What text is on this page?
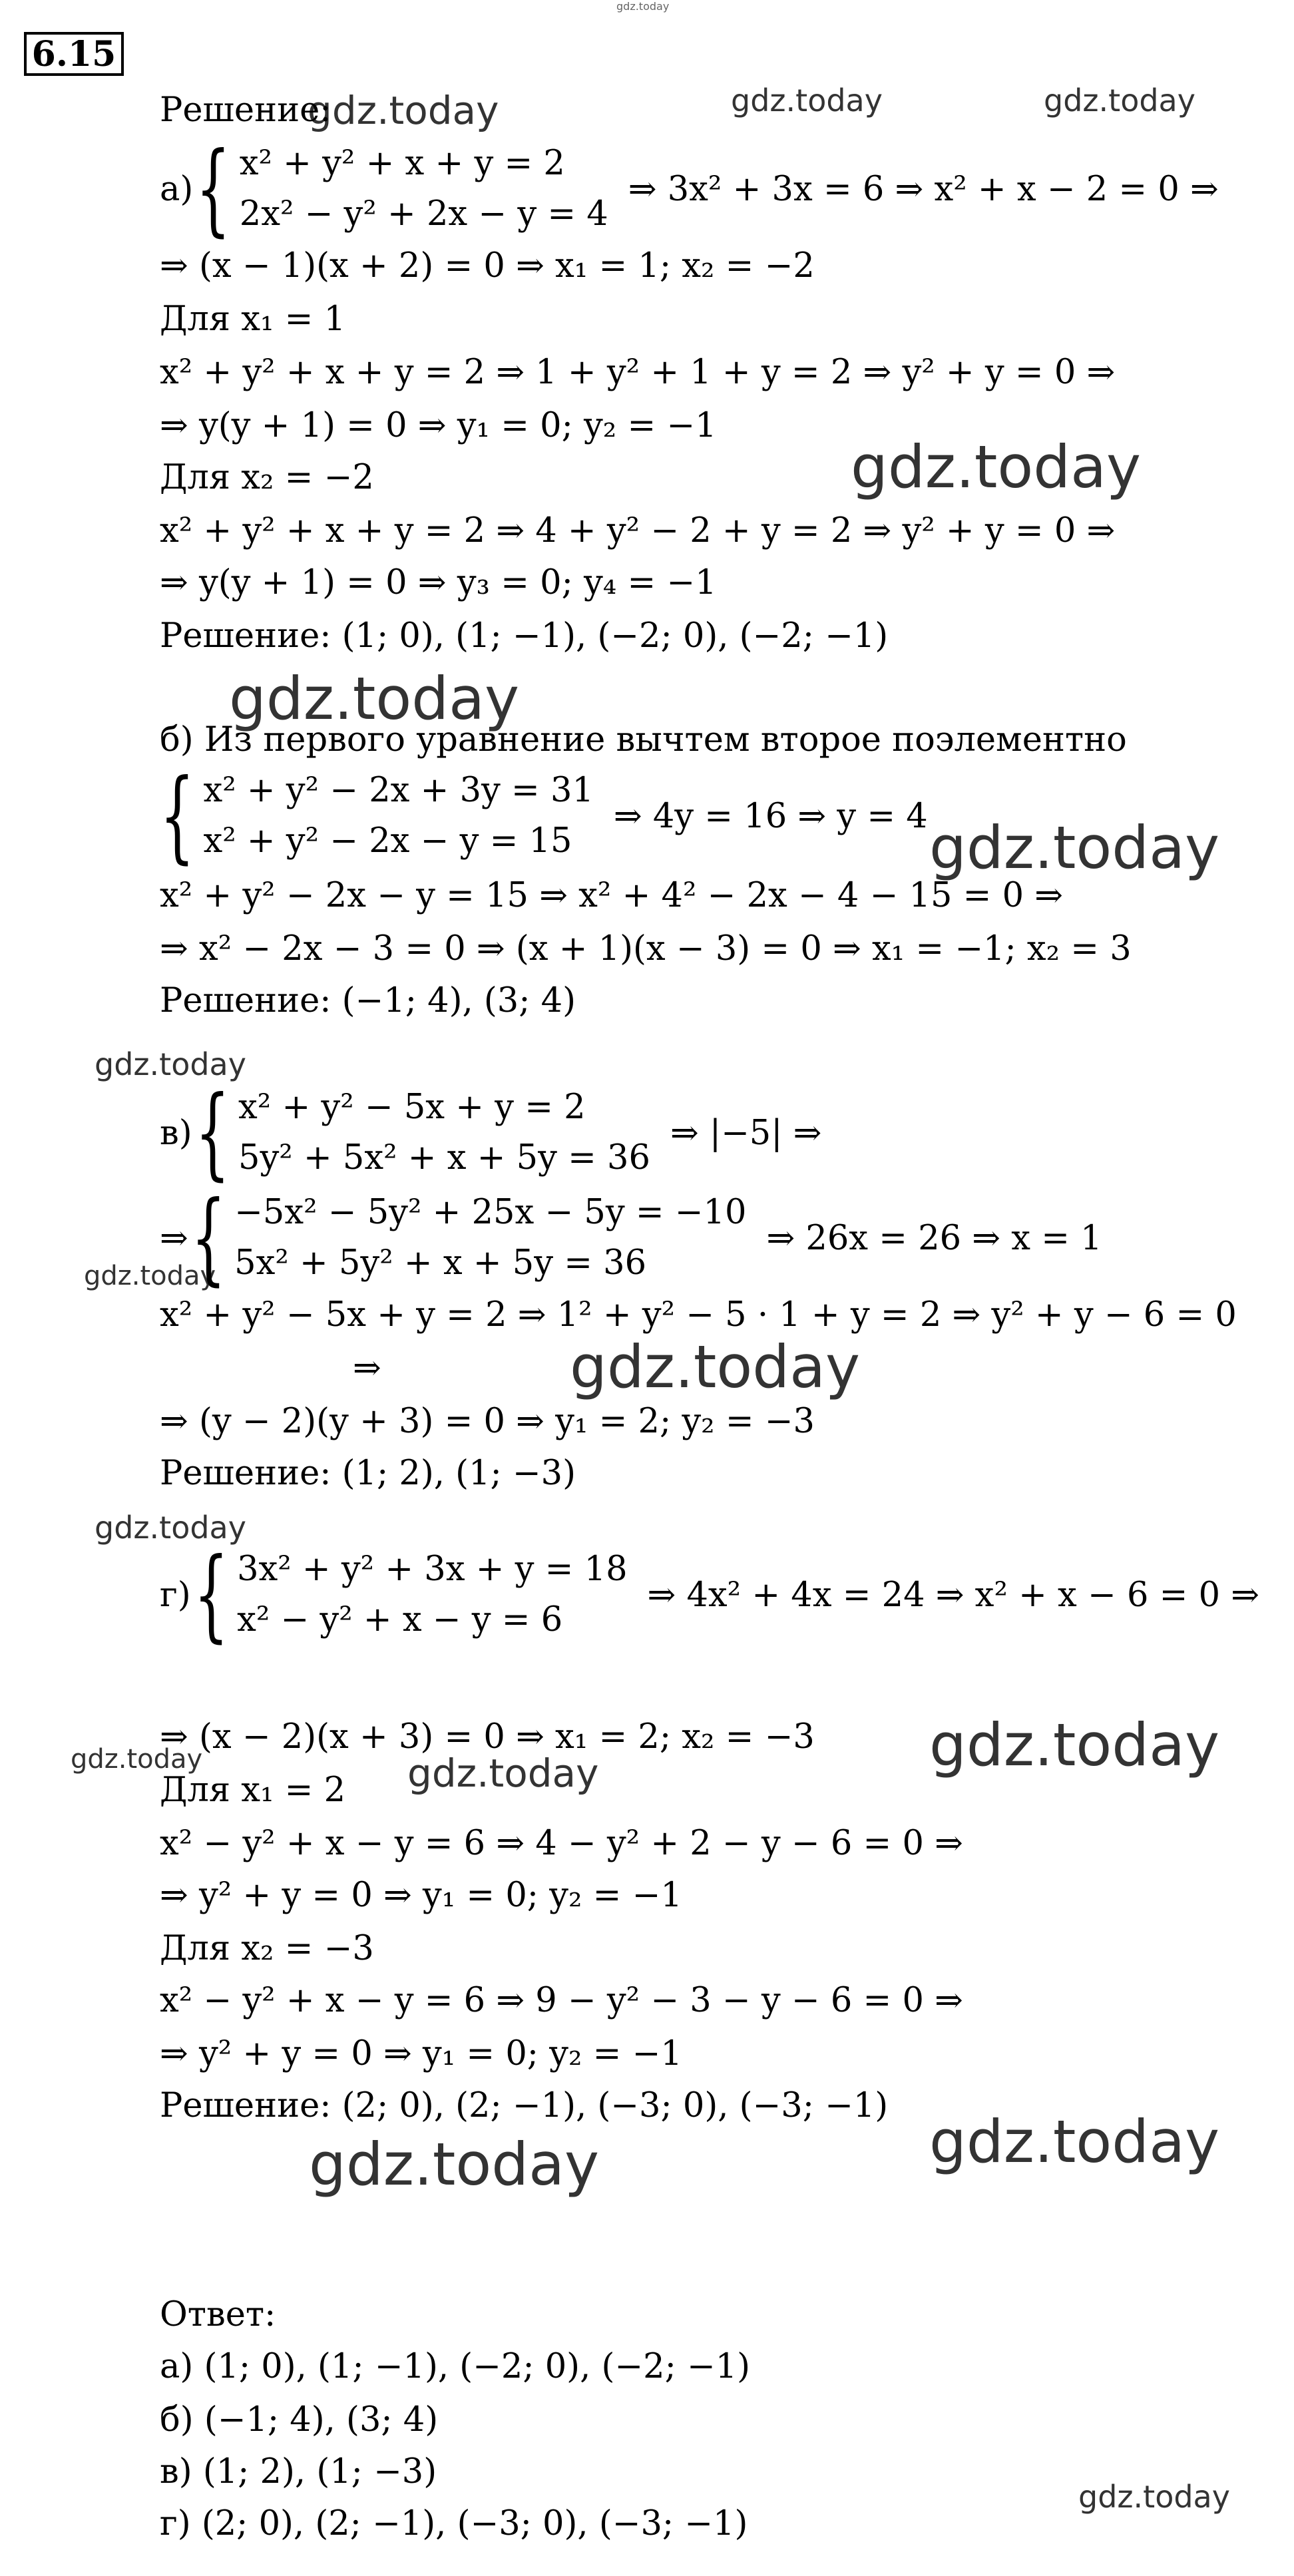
gdz.today
gdz.today	gdz.today	gdz.today
gdz.today
gdz.today
gdz.today
gdz.today
gdz.today
gdz.today
gdz.today
gdz.today
gdz.today	gdz.today
gdz.today
gdz.today
gdz.today
6.15
Решение:
а) { x² + y² + x + y = 2
2x² − y² + 2x − y = 4
⇒ 3x² + 3x = 6 ⇒ x² + x − 2 = 0 ⇒
⇒ (x − 1)(x + 2) = 0 ⇒ x₁ = 1; x₂ = −2
Для x₁ = 1
x² + y² + x + y = 2 ⇒ 1 + y² + 1 + y = 2 ⇒ y² + y = 0 ⇒
⇒ y(y + 1) = 0 ⇒ y₁ = 0; y₂ = −1
Для x₂ = −2
x² + y² + x + y = 2 ⇒ 4 + y² − 2 + y = 2 ⇒ y² + y = 0 ⇒
⇒ y(y + 1) = 0 ⇒ y₃ = 0; y₄ = −1
Решение: (1; 0), (1; −1), (−2; 0), (−2; −1)
б) Из первого уравнение вычтем второе поэлементно
{ x² + y² − 2x + 3y = 31
x² + y² − 2x − y = 15
⇒ 4y = 16 ⇒ y = 4
x² + y² − 2x − y = 15 ⇒ x² + 4² − 2x − 4 − 15 = 0 ⇒
⇒ x² − 2x − 3 = 0 ⇒ (x + 1)(x − 3) = 0 ⇒ x₁ = −1; x₂ = 3
Решение: (−1; 4), (3; 4)
в) { x² + y² − 5x + y = 2
5y² + 5x² + x + 5y = 36
⇒ |−5| ⇒
⇒ { −5x² − 5y² + 25x − 5y = −10
5x² + 5y² + x + 5y = 36
⇒ 26x = 26 ⇒ x = 1
x² + y² − 5x + y = 2 ⇒ 1² + y² − 5 · 1 + y = 2 ⇒ y² + y − 6 = 0
⇒
⇒ (y − 2)(y + 3) = 0 ⇒ y₁ = 2; y₂ = −3
Решение: (1; 2), (1; −3)
г) { 3x² + y² + 3x + y = 18
x² − y² + x − y = 6
⇒ 4x² + 4x = 24 ⇒ x² + x − 6 = 0 ⇒
⇒ (x − 2)(x + 3) = 0 ⇒ x₁ = 2; x₂ = −3
Для x₁ = 2
x² − y² + x − y = 6 ⇒ 4 − y² + 2 − y − 6 = 0 ⇒
⇒ y² + y = 0 ⇒ y₁ = 0; y₂ = −1
Для x₂ = −3
x² − y² + x − y = 6 ⇒ 9 − y² − 3 − y − 6 = 0 ⇒
⇒ y² + y = 0 ⇒ y₁ = 0; y₂ = −1
Решение: (2; 0), (2; −1), (−3; 0), (−3; −1)
Ответ:
а) (1; 0), (1; −1), (−2; 0), (−2; −1)
б) (−1; 4), (3; 4)
в) (1; 2), (1; −3)
г) (2; 0), (2; −1), (−3; 0), (−3; −1)
